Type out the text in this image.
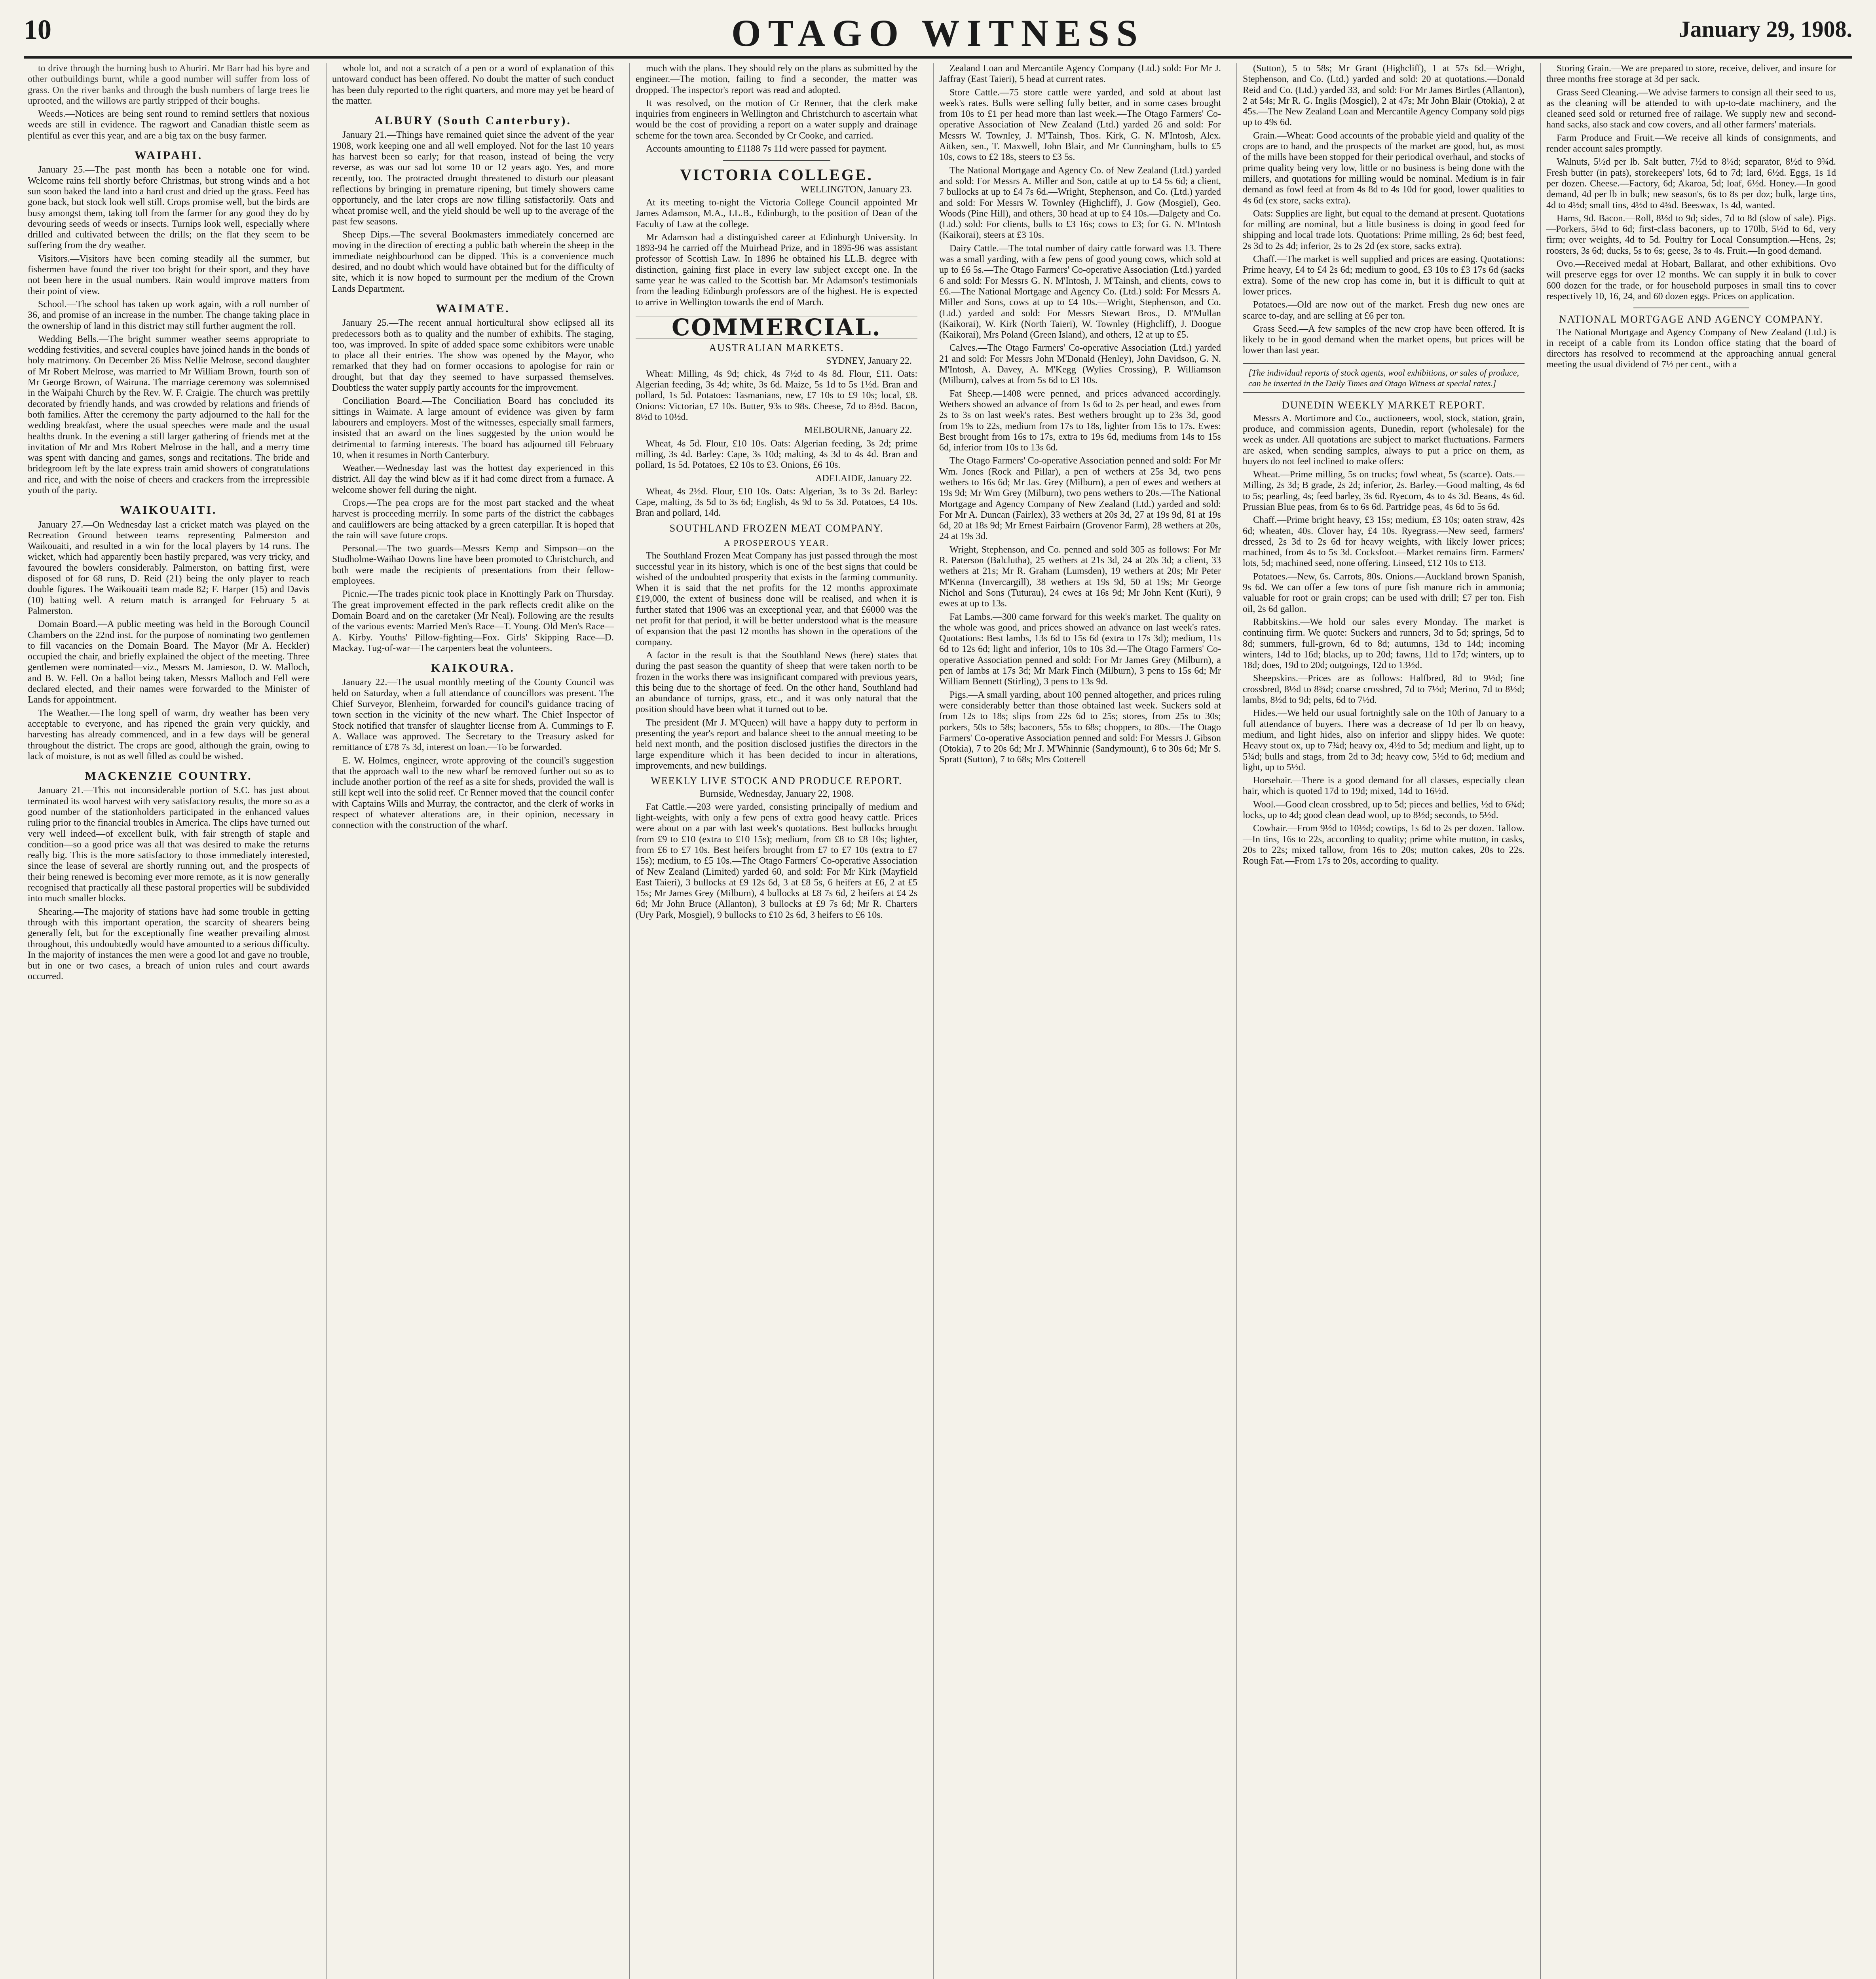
10	OTAGO WITNESS	January 29, 1908.

to drive through the burning bush to Ahuriri. Mr Barr had his byre and other outbuildings burnt, while a good number will suffer from loss of grass. On the river banks and through the bush numbers of large trees lie uprooted, and the willows are partly stripped of their boughs.

Weeds.—Notices are being sent round to remind settlers that noxious weeds are still in evidence. The ragwort and Canadian thistle seem as plentiful as ever this year, and are a big tax on the busy farmer.

WAIPAHI.

January 25.—The past month has been a notable one for wind. Welcome rains fell shortly before Christmas, but strong winds and a hot sun soon baked the land into a hard crust and dried up the grass. Feed has gone back, but stock look well still. Crops promise well, but the birds are busy amongst them, taking toll from the farmer for any good they do by devouring seeds of weeds or insects. Turnips look well, especially where drilled and cultivated between the drills; on the flat they seem to be suffering from the dry weather.

Visitors.—Visitors have been coming steadily all the summer, but fishermen have found the river too bright for their sport, and they have not been here in the usual numbers. Rain would improve matters from their point of view.

School.—The school has taken up work again, with a roll number of 36, and promise of an increase in the number. The change taking place in the ownership of land in this district may still further augment the roll.

Wedding Bells.—The bright summer weather seems appropriate to wedding festivities, and several couples have joined hands in the bonds of holy matrimony. On December 26 Miss Nellie Melrose, second daughter of Mr Robert Melrose, was married to Mr William Brown, fourth son of Mr George Brown, of Wairuna. The marriage ceremony was solemnised in the Waipahi Church by the Rev. W. F. Craigie. The church was prettily decorated by friendly hands, and was crowded by relations and friends of both families. After the ceremony the party adjourned to the hall for the wedding breakfast, where the usual speeches were made and the usual healths drunk. In the evening a still larger gathering of friends met at the invitation of Mr and Mrs Robert Melrose in the hall, and a merry time was spent with dancing and games, songs and recitations. The bride and bridegroom left by the late express train amid showers of congratulations and rice, and with the noise of cheers and crackers from the irrepressible youth of the party.

WAIKOUAITI.

January 27.—On Wednesday last a cricket match was played on the Recreation Ground between teams representing Palmerston and Waikouaiti, and resulted in a win for the local players by 14 runs. The wicket, which had apparently been hastily prepared, was very tricky, and favoured the bowlers considerably. Palmerston, on batting first, were disposed of for 68 runs, D. Reid (21) being the only player to reach double figures. The Waikouaiti team made 82; F. Harper (15) and Davis (10) batting well. A return match is arranged for February 5 at Palmerston.

Domain Board.—A public meeting was held in the Borough Council Chambers on the 22nd inst. for the purpose of nominating two gentlemen to fill vacancies on the Domain Board. The Mayor (Mr A. Heckler) occupied the chair, and briefly explained the object of the meeting. Three gentlemen were nominated—viz., Messrs M. Jamieson, D. W. Malloch, and B. W. Fell. On a ballot being taken, Messrs Malloch and Fell were declared elected, and their names were forwarded to the Minister of Lands for appointment.

The Weather.—The long spell of warm, dry weather has been very acceptable to everyone, and has ripened the grain very quickly, and harvesting has already commenced, and in a few days will be general throughout the district. The crops are good, although the grain, owing to lack of moisture, is not as well filled as could be wished.

MACKENZIE COUNTRY.

January 21.—This not inconsiderable portion of S.C. has just about terminated its wool harvest with very satisfactory results, the more so as a good number of the stationholders participated in the enhanced values ruling prior to the financial troubles in America. The clips have turned out very well indeed—of excellent bulk, with fair strength of staple and condition—so a good price was all that was desired to make the returns really big. This is the more satisfactory to those immediately interested, since the lease of several are shortly running out, and the prospects of their being renewed is becoming ever more remote, as it is now generally recognised that practically all these pastoral properties will be subdivided into much smaller blocks.

Shearing.—The majority of stations have had some trouble in getting through with this important operation, the scarcity of shearers being generally felt, but for the exceptionally fine weather prevailing almost throughout, this undoubtedly would have amounted to a serious difficulty. In the majority of instances the men were a good lot and gave no trouble, but in one or two cases, a breach of union rules and court awards occurred.

whole lot, and not a scratch of a pen or a word of explanation of this untoward conduct has been offered. No doubt the matter of such conduct has been duly reported to the right quarters, and more may yet be heard of the matter.

ALBURY (South Canterbury).

January 21.—Things have remained quiet since the advent of the year 1908, work keeping one and all well employed. Not for the last 10 years has harvest been so early; for that reason, instead of being the very reverse, as was our sad lot some 10 or 12 years ago. Yes, and more recently, too. The protracted drought threatened to disturb our pleasant reflections by bringing in premature ripening, but timely showers came opportunely, and the later crops are now filling satisfactorily. Oats and wheat promise well, and the yield should be well up to the average of the past few seasons.

Sheep Dips.—The several Bookmasters immediately concerned are moving in the direction of erecting a public bath wherein the sheep in the immediate neighbourhood can be dipped. This is a convenience much desired, and no doubt which would have obtained but for the difficulty of site, which it is now hoped to surmount per the medium of the Crown Lands Department.

WAIMATE.

January 25.—The recent annual horticultural show eclipsed all its predecessors both as to quality and the number of exhibits. The staging, too, was improved. In spite of added space some exhibitors were unable to place all their entries. The show was opened by the Mayor, who remarked that they had on former occasions to apologise for rain or drought, but that day they seemed to have surpassed themselves. Doubtless the water supply partly accounts for the improvement.

Conciliation Board.—The Conciliation Board has concluded its sittings in Waimate. A large amount of evidence was given by farm labourers and employers. Most of the witnesses, especially small farmers, insisted that an award on the lines suggested by the union would be detrimental to farming interests. The board has adjourned till February 10, when it resumes in North Canterbury.

Weather.—Wednesday last was the hottest day experienced in this district. All day the wind blew as if it had come direct from a furnace. A welcome shower fell during the night.

Crops.—The pea crops are for the most part stacked and the wheat harvest is proceeding merrily. In some parts of the district the cabbages and cauliflowers are being attacked by a green caterpillar. It is hoped that the rain will save future crops.

Personal.—The two guards—Messrs Kemp and Simpson—on the Studholme-Waihao Downs line have been promoted to Christchurch, and both were made the recipients of presentations from their fellow-employees.

Picnic.—The trades picnic took place in Knottingly Park on Thursday. The great improvement effected in the park reflects credit alike on the Domain Board and on the caretaker (Mr Neal). Following are the results of the various events: Married Men's Race—T. Young. Old Men's Race—A. Kirby. Youths' Pillow-fighting—Fox. Girls' Skipping Race—D. Mackay. Tug-of-war—The carpenters beat the volunteers.

KAIKOURA.

January 22.—The usual monthly meeting of the County Council was held on Saturday, when a full attendance of councillors was present. The Chief Surveyor, Blenheim, forwarded for council's guidance tracing of town section in the vicinity of the new wharf. The Chief Inspector of Stock notified that transfer of slaughter license from A. Cummings to F. A. Wallace was approved. The Secretary to the Treasury asked for remittance of £78 7s 3d, interest on loan.—To be forwarded.

E. W. Holmes, engineer, wrote approving of the council's suggestion that the approach wall to the new wharf be removed further out so as to include another portion of the reef as a site for sheds, provided the wall is still kept well into the solid reef. Cr Renner moved that the council confer with Captains Wills and Murray, the contractor, and the clerk of works in respect of whatever alterations are, in their opinion, necessary in connection with the construction of the wharf.

much with the plans. They should rely on the plans as submitted by the engineer.—The motion, failing to find a seconder, the matter was dropped. The inspector's report was read and adopted.

It was resolved, on the motion of Cr Renner, that the clerk make inquiries from engineers in Wellington and Christchurch to ascertain what would be the cost of providing a report on a water supply and drainage scheme for the town area. Seconded by Cr Cooke, and carried.

Accounts amounting to £1188 7s 11d were passed for payment.

VICTORIA COLLEGE.
WELLINGTON, January 23.

At its meeting to-night the Victoria College Council appointed Mr James Adamson, M.A., LL.B., Edinburgh, to the position of Dean of the Faculty of Law at the college.

Mr Adamson had a distinguished career at Edinburgh University. In 1893-94 he carried off the Muirhead Prize, and in 1895-96 was assistant professor of Scottish Law. In 1896 he obtained his LL.B. degree with distinction, gaining first place in every law subject except one. In the same year he was called to the Scottish bar. Mr Adamson's testimonials from the leading Edinburgh professors are of the highest. He is expected to arrive in Wellington towards the end of March.

COMMERCIAL.
AUSTRALIAN MARKETS.
SYDNEY, January 22.

Wheat: Milling, 4s 9d; chick, 4s 7½d to 4s 8d. Flour, £11. Oats: Algerian feeding, 3s 4d; white, 3s 6d. Maize, 5s 1d to 5s 1½d. Bran and pollard, 1s 5d. Potatoes: Tasmanians, new, £7 10s to £9 10s; local, £8. Onions: Victorian, £7 10s. Butter, 93s to 98s. Cheese, 7d to 8½d. Bacon, 8½d to 10½d.

MELBOURNE, January 22.

Wheat, 4s 5d. Flour, £10 10s. Oats: Algerian feeding, 3s 2d; prime milling, 3s 4d. Barley: Cape, 3s 10d; malting, 4s 3d to 4s 4d. Bran and pollard, 1s 5d. Potatoes, £2 10s to £3. Onions, £6 10s.

ADELAIDE, January 22.

Wheat, 4s 2½d. Flour, £10 10s. Oats: Algerian, 3s to 3s 2d. Barley: Cape, malting, 3s 5d to 3s 6d; English, 4s 9d to 5s 3d. Potatoes, £4 10s. Bran and pollard, 14d.

SOUTHLAND FROZEN MEAT COMPANY.
A PROSPEROUS YEAR.

The Southland Frozen Meat Company has just passed through the most successful year in its history, which is one of the best signs that could be wished of the undoubted prosperity that exists in the farming community. When it is said that the net profits for the 12 months approximate £19,000, the extent of business done will be realised, and when it is further stated that 1906 was an exceptional year, and that £6000 was the net profit for that period, it will be better understood what is the measure of expansion that the past 12 months has shown in the operations of the company.

A factor in the result is that the Southland News (here) states that during the past season the quantity of sheep that were taken north to be frozen in the works there was insignificant compared with previous years, this being due to the shortage of feed. On the other hand, Southland had an abundance of turnips, grass, etc., and it was only natural that the position should have been what it turned out to be.

The president (Mr J. M'Queen) will have a happy duty to perform in presenting the year's report and balance sheet to the annual meeting to be held next month, and the position disclosed justifies the directors in the large expenditure which it has been decided to incur in alterations, improvements, and new buildings.

WEEKLY LIVE STOCK AND PRODUCE REPORT.
Burnside, Wednesday, January 22, 1908.

Fat Cattle.—203 were yarded, consisting principally of medium and light-weights, with only a few pens of extra good heavy cattle. Prices were about on a par with last week's quotations. Best bullocks brought from £9 to £10 (extra to £10 15s); medium, from £8 to £8 10s; lighter, from £6 to £7 10s. Best heifers brought from £7 to £7 10s (extra to £7 15s); medium, to £5 10s.—The Otago Farmers' Co-operative Association of New Zealand (Limited) yarded 60, and sold: For Mr Kirk (Mayfield East Taieri), 3 bullocks at £9 12s 6d, 3 at £8 5s, 6 heifers at £6, 2 at £5 15s; Mr James Grey (Milburn), 4 bullocks at £8 7s 6d, 2 heifers at £4 2s 6d; Mr John Bruce (Allanton), 3 bullocks at £9 7s 6d; Mr R. Charters (Ury Park, Mosgiel), 9 bullocks to £10 2s 6d, 3 heifers to £6 10s.

Zealand Loan and Mercantile Agency Company (Ltd.) sold: For Mr J. Jaffray (East Taieri), 5 head at current rates.

Store Cattle.—75 store cattle were yarded, and sold at about last week's rates. Bulls were selling fully better, and in some cases brought from 10s to £1 per head more than last week.—The Otago Farmers' Co-operative Association of New Zealand (Ltd.) yarded 26 and sold: For Messrs W. Townley, J. M'Tainsh, Thos. Kirk, G. N. M'Intosh, Alex. Aitken, sen., T. Maxwell, John Blair, and Mr Cunningham, bulls to £5 10s, cows to £2 18s, steers to £3 5s.

The National Mortgage and Agency Co. of New Zealand (Ltd.) yarded and sold: For Messrs A. Miller and Son, cattle at up to £4 5s 6d; a client, 7 bullocks at up to £4 7s 6d.—Wright, Stephenson, and Co. (Ltd.) yarded and sold: For Messrs W. Townley (Highcliff), J. Gow (Mosgiel), Geo. Woods (Pine Hill), and others, 30 head at up to £4 10s.—Dalgety and Co. (Ltd.) sold: For clients, bulls to £3 16s; cows to £3; for G. N. M'Intosh (Kaikorai), steers at £3 10s.

Dairy Cattle.—The total number of dairy cattle forward was 13. There was a small yarding, with a few pens of good young cows, which sold at up to £6 5s.—The Otago Farmers' Co-operative Association (Ltd.) yarded 6 and sold: For Messrs G. N. M'Intosh, J. M'Tainsh, and clients, cows to £6.—The National Mortgage and Agency Co. (Ltd.) sold: For Messrs A. Miller and Sons, cows at up to £4 10s.—Wright, Stephenson, and Co. (Ltd.) yarded and sold: For Messrs Stewart Bros., D. M'Mullan (Kaikorai), W. Kirk (North Taieri), W. Townley (Highcliff), J. Doogue (Kaikorai), Mrs Poland (Green Island), and others, 12 at up to £5.

Calves.—The Otago Farmers' Co-operative Association (Ltd.) yarded 21 and sold: For Messrs John M'Donald (Henley), John Davidson, G. N. M'Intosh, A. Davey, A. M'Kegg (Wylies Crossing), P. Williamson (Milburn), calves at from 5s 6d to £3 10s.

Fat Sheep.—1408 were penned, and prices advanced accordingly. Wethers showed an advance of from 1s 6d to 2s per head, and ewes from 2s to 3s on last week's rates. Best wethers brought up to 23s 3d, good from 19s to 22s, medium from 17s to 18s, lighter from 15s to 17s. Ewes: Best brought from 16s to 17s, extra to 19s 6d, mediums from 14s to 15s 6d, inferior from 10s to 13s 6d.

The Otago Farmers' Co-operative Association penned and sold: For Mr Wm. Jones (Rock and Pillar), a pen of wethers at 25s 3d, two pens wethers to 16s 6d; Mr Jas. Grey (Milburn), a pen of ewes and wethers at 19s 9d; Mr Wm Grey (Milburn), two pens wethers to 20s.—The National Mortgage and Agency Company of New Zealand (Ltd.) yarded and sold: For Mr A. Duncan (Fairlex), 33 wethers at 20s 3d, 27 at 19s 9d, 81 at 19s 6d, 20 at 18s 9d; Mr Ernest Fairbairn (Grovenor Farm), 28 wethers at 20s, 24 at 19s 3d.

Wright, Stephenson, and Co. penned and sold 305 as follows: For Mr R. Paterson (Balclutha), 25 wethers at 21s 3d, 24 at 20s 3d; a client, 33 wethers at 21s; Mr R. Graham (Lumsden), 19 wethers at 20s; Mr Peter M'Kenna (Invercargill), 38 wethers at 19s 9d, 50 at 19s; Mr George Nichol and Sons (Tuturau), 24 ewes at 16s 9d; Mr John Kent (Kuri), 9 ewes at up to 13s.

Fat Lambs.—300 came forward for this week's market. The quality on the whole was good, and prices showed an advance on last week's rates. Quotations: Best lambs, 13s 6d to 15s 6d (extra to 17s 3d); medium, 11s 6d to 12s 6d; light and inferior, 10s to 10s 3d.—The Otago Farmers' Co-operative Association penned and sold: For Mr James Grey (Milburn), a pen of lambs at 17s 3d; Mr Mark Finch (Milburn), 3 pens to 15s 6d; Mr William Bennett (Stirling), 3 pens to 13s 9d.

Pigs.—A small yarding, about 100 penned altogether, and prices ruling were considerably better than those obtained last week. Suckers sold at from 12s to 18s; slips from 22s 6d to 25s; stores, from 25s to 30s; porkers, 50s to 58s; baconers, 55s to 68s; choppers, to 80s.—The Otago Farmers' Co-operative Association penned and sold: For Messrs J. Gibson (Otokia), 7 to 20s 6d; Mr J. M'Whinnie (Sandymount), 6 to 30s 6d; Mr S. Spratt (Sutton), 7 to 68s; Mrs Cotterell

(Sutton), 5 to 58s; Mr Grant (Highcliff), 1 at 57s 6d.—Wright, Stephenson, and Co. (Ltd.) yarded and sold: 20 at quotations.—Donald Reid and Co. (Ltd.) yarded 33, and sold: For Mr James Birtles (Allanton), 2 at 54s; Mr R. G. Inglis (Mosgiel), 2 at 47s; Mr John Blair (Otokia), 2 at 45s.—The New Zealand Loan and Mercantile Agency Company sold pigs up to 49s 6d.

Grain.—Wheat: Good accounts of the probable yield and quality of the crops are to hand, and the prospects of the market are good, but, as most of the mills have been stopped for their periodical overhaul, and stocks of prime quality being very low, little or no business is being done with the millers, and quotations for milling would be nominal. Medium is in fair demand as fowl feed at from 4s 8d to 4s 10d for good, lower qualities to 4s 6d (ex store, sacks extra).

Oats: Supplies are light, but equal to the demand at present. Quotations for milling are nominal, but a little business is doing in good feed for shipping and local trade lots. Quotations: Prime milling, 2s 6d; best feed, 2s 3d to 2s 4d; inferior, 2s to 2s 2d (ex store, sacks extra).

Chaff.—The market is well supplied and prices are easing. Quotations: Prime heavy, £4 to £4 2s 6d; medium to good, £3 10s to £3 17s 6d (sacks extra). Some of the new crop has come in, but it is difficult to quit at lower prices.

Potatoes.—Old are now out of the market. Fresh dug new ones are scarce to-day, and are selling at £6 per ton.

Grass Seed.—A few samples of the new crop have been offered. It is likely to be in good demand when the market opens, but prices will be lower than last year.

[The individual reports of stock agents, wool exhibitions, or sales of produce, can be inserted in the Daily Times and Otago Witness at special rates.]
DUNEDIN WEEKLY MARKET REPORT.

Messrs A. Mortimore and Co., auctioneers, wool, stock, station, grain, produce, and commission agents, Dunedin, report (wholesale) for the week as under. All quotations are subject to market fluctuations. Farmers are asked, when sending samples, always to put a price on them, as buyers do not feel inclined to make offers:

Wheat.—Prime milling, 5s on trucks; fowl wheat, 5s (scarce). Oats.—Milling, 2s 3d; B grade, 2s 2d; inferior, 2s. Barley.—Good malting, 4s 6d to 5s; pearling, 4s; feed barley, 3s 6d. Ryecorn, 4s to 4s 3d. Beans, 4s 6d. Prussian Blue peas, from 6s to 6s 6d. Partridge peas, 4s 6d to 5s 6d.

Chaff.—Prime bright heavy, £3 15s; medium, £3 10s; oaten straw, 42s 6d; wheaten, 40s. Clover hay, £4 10s. Ryegrass.—New seed, farmers' dressed, 2s 3d to 2s 6d for heavy weights, with likely lower prices; machined, from 4s to 5s 3d. Cocksfoot.—Market remains firm. Farmers' lots, 5d; machined seed, none offering. Linseed, £12 10s to £13.

Potatoes.—New, 6s. Carrots, 80s. Onions.—Auckland brown Spanish, 9s 6d. We can offer a few tons of pure fish manure rich in ammonia; valuable for root or grain crops; can be used with drill; £7 per ton. Fish oil, 2s 6d gallon.

Rabbitskins.—We hold our sales every Monday. The market is continuing firm. We quote: Suckers and runners, 3d to 5d; springs, 5d to 8d; summers, full-grown, 6d to 8d; autumns, 13d to 14d; incoming winters, 14d to 16d; blacks, up to 20d; fawns, 11d to 17d; winters, up to 18d; does, 19d to 20d; outgoings, 12d to 13½d.

Sheepskins.—Prices are as follows: Halfbred, 8d to 9½d; fine crossbred, 8½d to 8¾d; coarse crossbred, 7d to 7½d; Merino, 7d to 8½d; lambs, 8½d to 9d; pelts, 6d to 7½d.

Hides.—We held our usual fortnightly sale on the 10th of January to a full attendance of buyers. There was a decrease of 1d per lb on heavy, medium, and light hides, also on inferior and slippy hides. We quote: Heavy stout ox, up to 7¾d; heavy ox, 4½d to 5d; medium and light, up to 5¾d; bulls and stags, from 2d to 3d; heavy cow, 5½d to 6d; medium and light, up to 5½d.

Horsehair.—There is a good demand for all classes, especially clean hair, which is quoted 17d to 19d; mixed, 14d to 16½d.

Wool.—Good clean crossbred, up to 5d; pieces and bellies, ½d to 6¾d; locks, up to 4d; good clean dead wool, up to 8½d; seconds, to 5½d.

Cowhair.—From 9½d to 10½d; cowtips, 1s 6d to 2s per dozen. Tallow.—In tins, 16s to 22s, according to quality; prime white mutton, in casks, 20s to 22s; mixed tallow, from 16s to 20s; mutton cakes, 20s to 22s. Rough Fat.—From 17s to 20s, according to quality.

Storing Grain.—We are prepared to store, receive, deliver, and insure for three months free storage at 3d per sack.

Grass Seed Cleaning.—We advise farmers to consign all their seed to us, as the cleaning will be attended to with up-to-date machinery, and the cleaned seed sold or returned free of railage. We supply new and second-hand sacks, also stack and cow covers, and all other farmers' materials.

Farm Produce and Fruit.—We receive all kinds of consignments, and render account sales promptly.

Walnuts, 5½d per lb. Salt butter, 7½d to 8½d; separator, 8½d to 9¾d. Fresh butter (in pats), storekeepers' lots, 6d to 7d; lard, 6½d. Eggs, 1s 1d per dozen. Cheese.—Factory, 6d; Akaroa, 5d; loaf, 6½d. Honey.—In good demand, 4d per lb in bulk; new season's, 6s to 8s per doz; bulk, large tins, 4d to 4½d; small tins, 4½d to 4¾d. Beeswax, 1s 4d, wanted.

Hams, 9d. Bacon.—Roll, 8½d to 9d; sides, 7d to 8d (slow of sale). Pigs.—Porkers, 5¼d to 6d; first-class baconers, up to 170lb, 5½d to 6d, very firm; over weights, 4d to 5d. Poultry for Local Consumption.—Hens, 2s; roosters, 3s 6d; ducks, 5s to 6s; geese, 3s to 4s. Fruit.—In good demand.

Ovo.—Received medal at Hobart, Ballarat, and other exhibitions. Ovo will preserve eggs for over 12 months. We can supply it in bulk to cover 600 dozen for the trade, or for household purposes in small tins to cover respectively 10, 16, 24, and 60 dozen eggs. Prices on application.

NATIONAL MORTGAGE AND AGENCY COMPANY.

The National Mortgage and Agency Company of New Zealand (Ltd.) is in receipt of a cable from its London office stating that the board of directors has resolved to recommend at the approaching annual general meeting the usual dividend of 7½ per cent., with a
